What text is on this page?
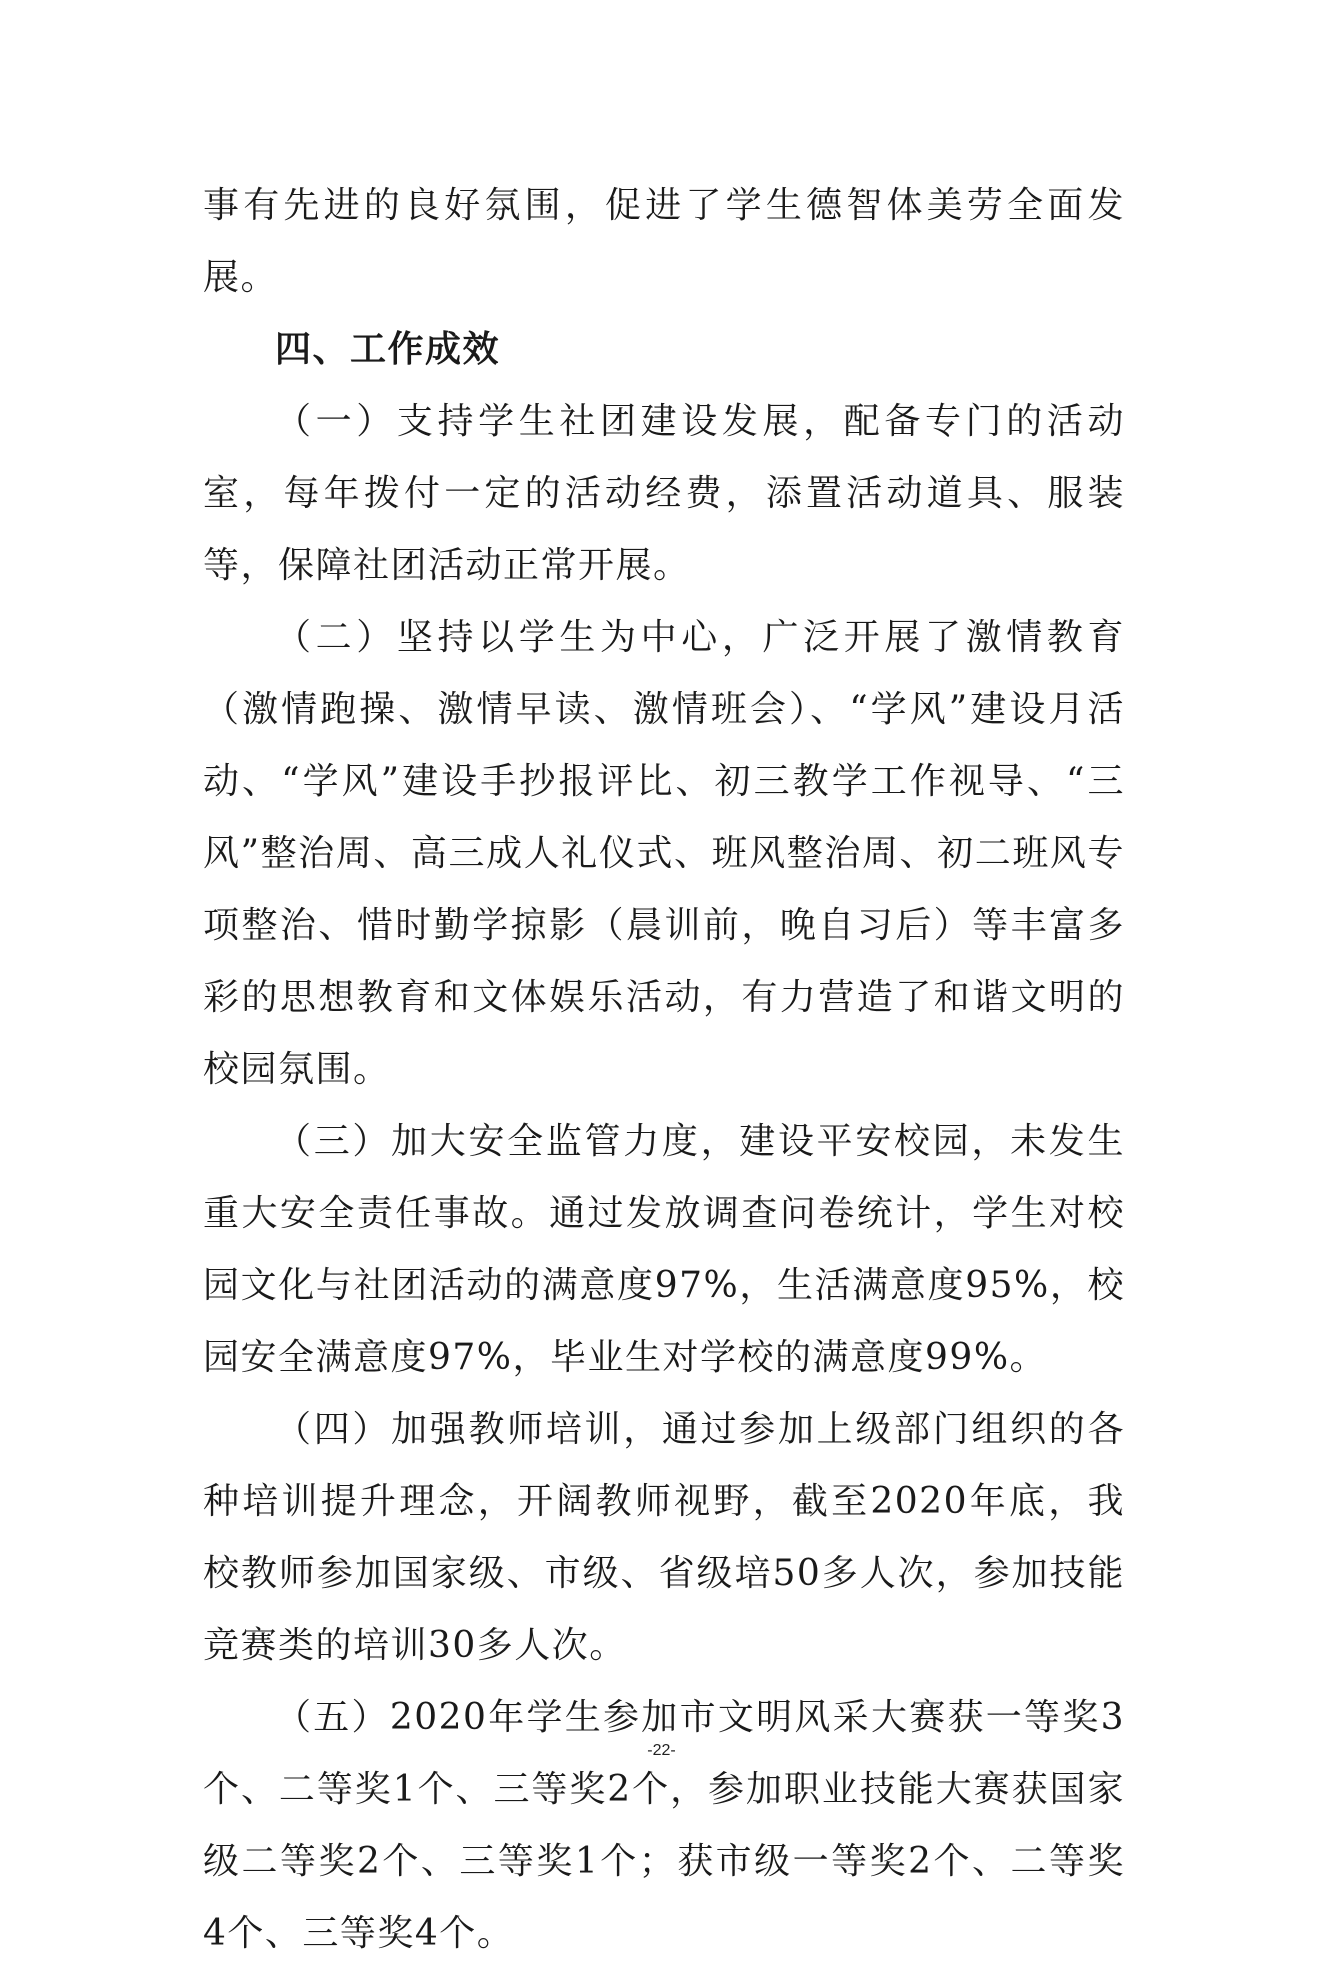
事有先进的良好氛围，促进了学生德智体美劳全面发展。

四、工作成效

（一）支持学生社团建设发展，配备专门的活动室，每年拨付一定的活动经费，添置活动道具、服装等，保障社团活动正常开展。

（二）坚持以学生为中心，广泛开展了激情教育（激情跑操、激情早读、激情班会）、“学风”建设月活动、“学风”建设手抄报评比、初三教学工作视导、“三风”整治周、高三成人礼仪式、班风整治周、初二班风专项整治、惜时勤学掠影（晨训前，晚自习后）等丰富多彩的思想教育和文体娱乐活动，有力营造了和谐文明的校园氛围。

（三）加大安全监管力度，建设平安校园，未发生重大安全责任事故。通过发放调查问卷统计，学生对校园文化与社团活动的满意度97%，生活满意度95%，校园安全满意度97%，毕业生对学校的满意度99%。

（四）加强教师培训，通过参加上级部门组织的各种培训提升理念，开阔教师视野，截至2020年底，我校教师参加国家级、市级、省级培50多人次，参加技能竞赛类的培训30多人次。

（五）2020年学生参加市文明风采大赛获一等奖3个、二等奖1个、三等奖2个，参加职业技能大赛获国家级二等奖2个、三等奖1个；获市级一等奖2个、二等奖4个、三等奖4个。

-22-
